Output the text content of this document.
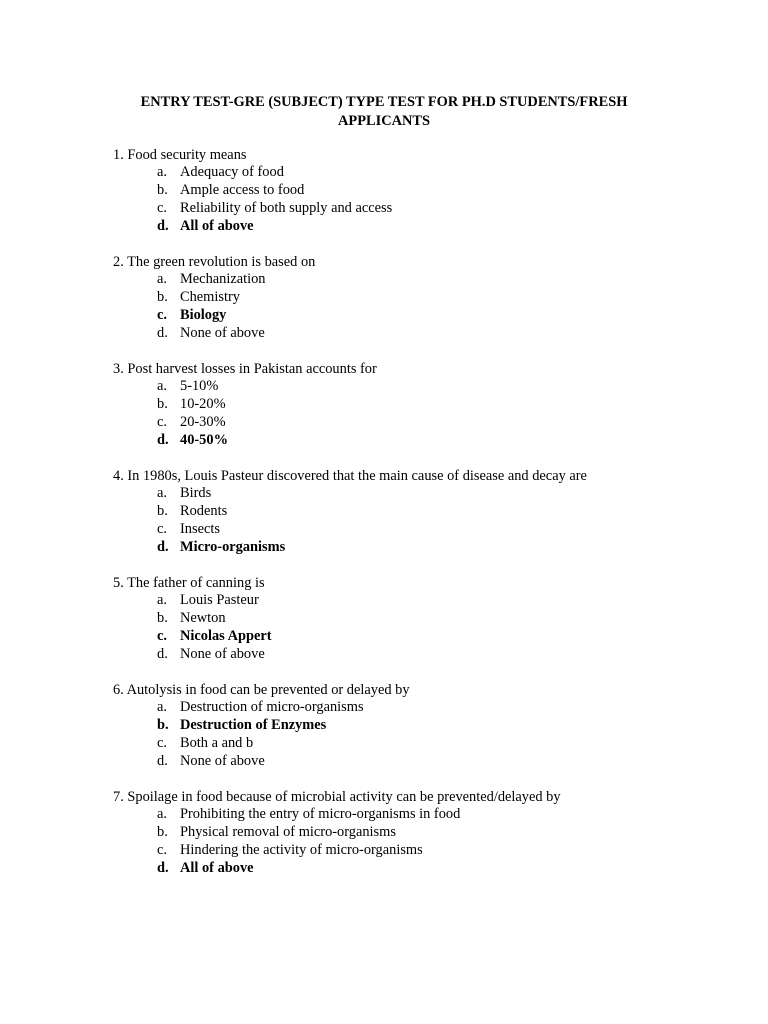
ENTRY TEST-GRE (SUBJECT) TYPE TEST FOR PH.D STUDENTS/FRESH APPLICANTS
1. Food security means
a. Adequacy of food
b. Ample access to food
c. Reliability of both supply and access
d. All of above
2. The green revolution is based on
a. Mechanization
b. Chemistry
c. Biology
d. None of above
3. Post harvest losses in Pakistan accounts for
a. 5-10%
b. 10-20%
c. 20-30%
d. 40-50%
4. In 1980s, Louis Pasteur discovered that the main cause of disease and decay are
a. Birds
b. Rodents
c. Insects
d. Micro-organisms
5. The father of canning is
a. Louis Pasteur
b. Newton
c. Nicolas Appert
d. None of above
6. Autolysis in food can be prevented or delayed by
a. Destruction of micro-organisms
b. Destruction of Enzymes
c. Both a and b
d. None of above
7. Spoilage in food because of microbial activity can be prevented/delayed by
a. Prohibiting the entry of micro-organisms in food
b. Physical removal of micro-organisms
c. Hindering the activity of micro-organisms
d. All of above
